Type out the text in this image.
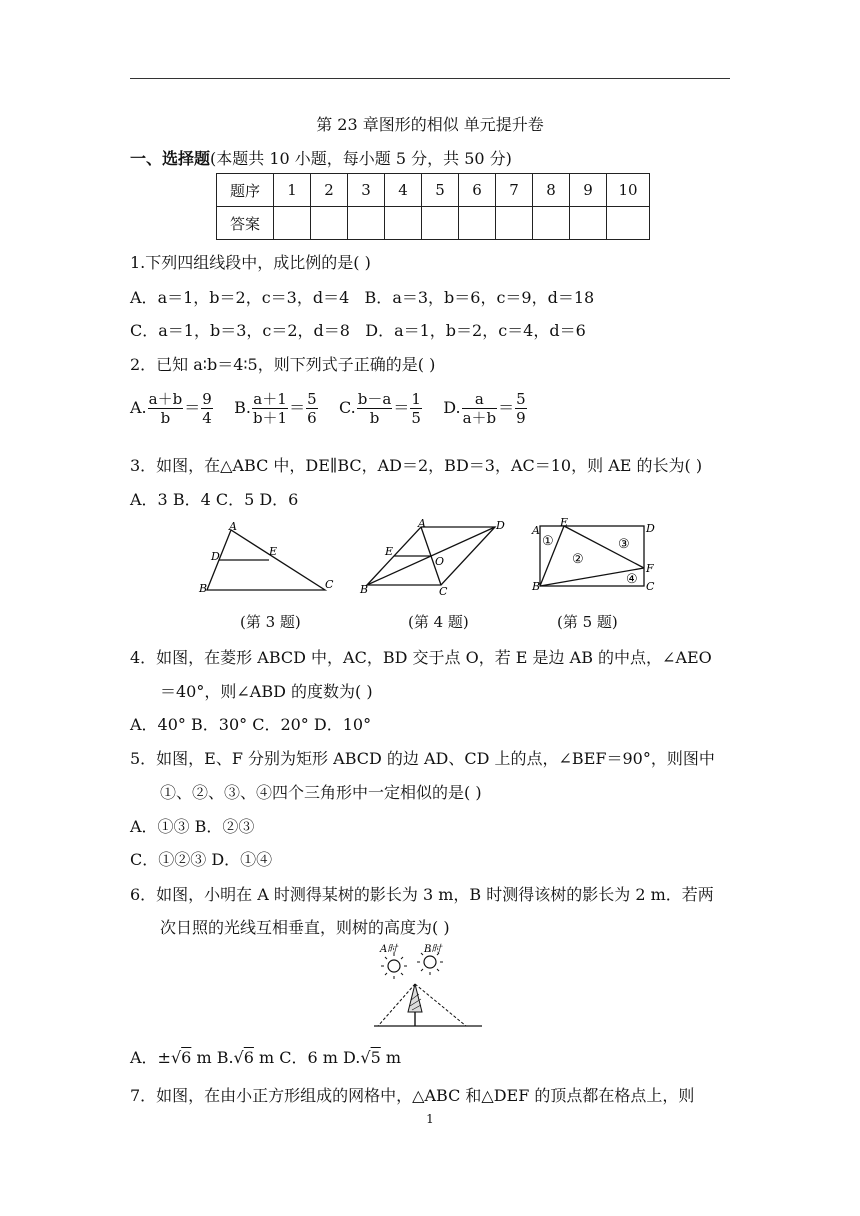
第 23 章图形的相似 单元提升卷
一、选择题(本题共 10 小题，每小题 5 分，共 50 分)
题序	1	2	3	4	5	6	7	8	9	10
答案										
1.下列四组线段中，成比例的是( )
A．a＝1，b＝2，c＝3，d＝4 B．a＝3，b＝6，c＝9，d＝18
C．a＝1，b＝3，c＝2，d＝8 D．a＝1，b＝2，c＝4，d＝6
2．已知 a∶b＝4∶5，则下列式子正确的是( )
A. $\frac{a+b}{b} = \frac{9}{4} B$. $\frac{a+1}{b+1} = \frac{5}{6} C$. $\frac{b-a}{b} = \frac{1}{5} D$. $\frac{a}{a+b} = \frac{5}{9}$
3．如图，在△ABC 中，DE∥BC，AD＝2，BD＝3，AC＝10，则 AE 的长为( )
A．3 B．4 C．5 D．6
A
D	E
B	C
A	D
E
O
B	C
A
E	D
F
B	C
①
②
③
④
(第 3 题)	(第 4 题)	(第 5 题)
4．如图，在菱形 ABCD 中，AC，BD 交于点 O，若 E 是边 AB 的中点，∠AEO
＝40°，则∠ABD 的度数为( )
A．40° B．30° C．20° D．10°
5．如图，E、F 分别为矩形 ABCD 的边 AD、CD 上的点，∠BEF＝90°，则图中
①、②、③、④四个三角形中一定相似的是( )
A．①③ B．②③
C．①②③ D．①④
6．如图，小明在 A 时测得某树的影长为 3 m，B 时测得该树的影长为 2 m．若两
次日照的光线互相垂直，则树的高度为( )
A时	B时
A．±√6 m B.√6 m C．6 m D.√5 m
7．如图，在由小正方形组成的网格中，△ABC 和△DEF 的顶点都在格点上，则
1
